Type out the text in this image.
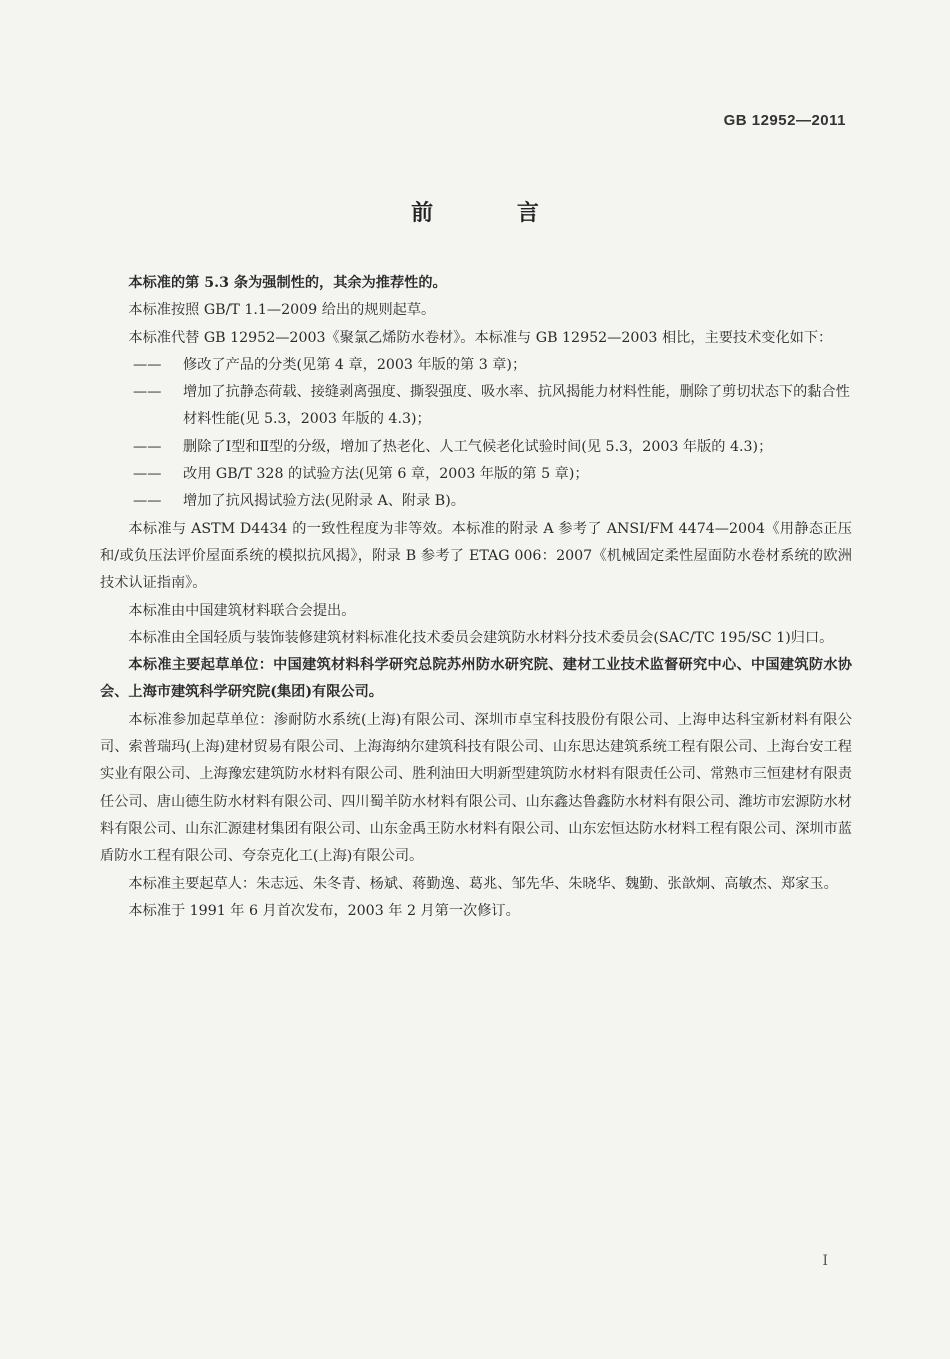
GB 12952—2011
前 言

本标准的第 5.3 条为强制性的，其余为推荐性的。

本标准按照 GB/T 1.1—2009 给出的规则起草。

本标准代替 GB 12952—2003《聚氯乙烯防水卷材》。本标准与 GB 12952—2003 相比，主要技术变化如下：

——	修改了产品的分类(见第 4 章，2003 年版的第 3 章)；
——	增加了抗静态荷载、接缝剥离强度、撕裂强度、吸水率、抗风揭能力材料性能，删除了剪切状态下的黏合性材料性能(见 5.3，2003 年版的 4.3)；
——	删除了Ⅰ型和Ⅱ型的分级，增加了热老化、人工气候老化试验时间(见 5.3，2003 年版的 4.3)；
——	改用 GB/T 328 的试验方法(见第 6 章，2003 年版的第 5 章)；
——	增加了抗风揭试验方法(见附录 A、附录 B)。

本标准与 ASTM D4434 的一致性程度为非等效。本标准的附录 A 参考了 ANSI/FM 4474—2004《用静态正压和/或负压法评价屋面系统的模拟抗风揭》，附录 B 参考了 ETAG 006：2007《机械固定柔性屋面防水卷材系统的欧洲技术认证指南》。

本标准由中国建筑材料联合会提出。

本标准由全国轻质与装饰装修建筑材料标准化技术委员会建筑防水材料分技术委员会(SAC/TC 195/SC 1)归口。

本标准主要起草单位：中国建筑材料科学研究总院苏州防水研究院、建材工业技术监督研究中心、中国建筑防水协会、上海市建筑科学研究院(集团)有限公司。

本标准参加起草单位：渗耐防水系统(上海)有限公司、深圳市卓宝科技股份有限公司、上海申达科宝新材料有限公司、索普瑞玛(上海)建材贸易有限公司、上海海纳尔建筑科技有限公司、山东思达建筑系统工程有限公司、上海台安工程实业有限公司、上海豫宏建筑防水材料有限公司、胜利油田大明新型建筑防水材料有限责任公司、常熟市三恒建材有限责任公司、唐山德生防水材料有限公司、四川蜀羊防水材料有限公司、山东鑫达鲁鑫防水材料有限公司、潍坊市宏源防水材料有限公司、山东汇源建材集团有限公司、山东金禹王防水材料有限公司、山东宏恒达防水材料工程有限公司、深圳市蓝盾防水工程有限公司、夸奈克化工(上海)有限公司。

本标准主要起草人：朱志远、朱冬青、杨斌、蒋勤逸、葛兆、邹先华、朱晓华、魏勤、张歆炯、高敏杰、郑家玉。

本标准于 1991 年 6 月首次发布，2003 年 2 月第一次修订。

I
